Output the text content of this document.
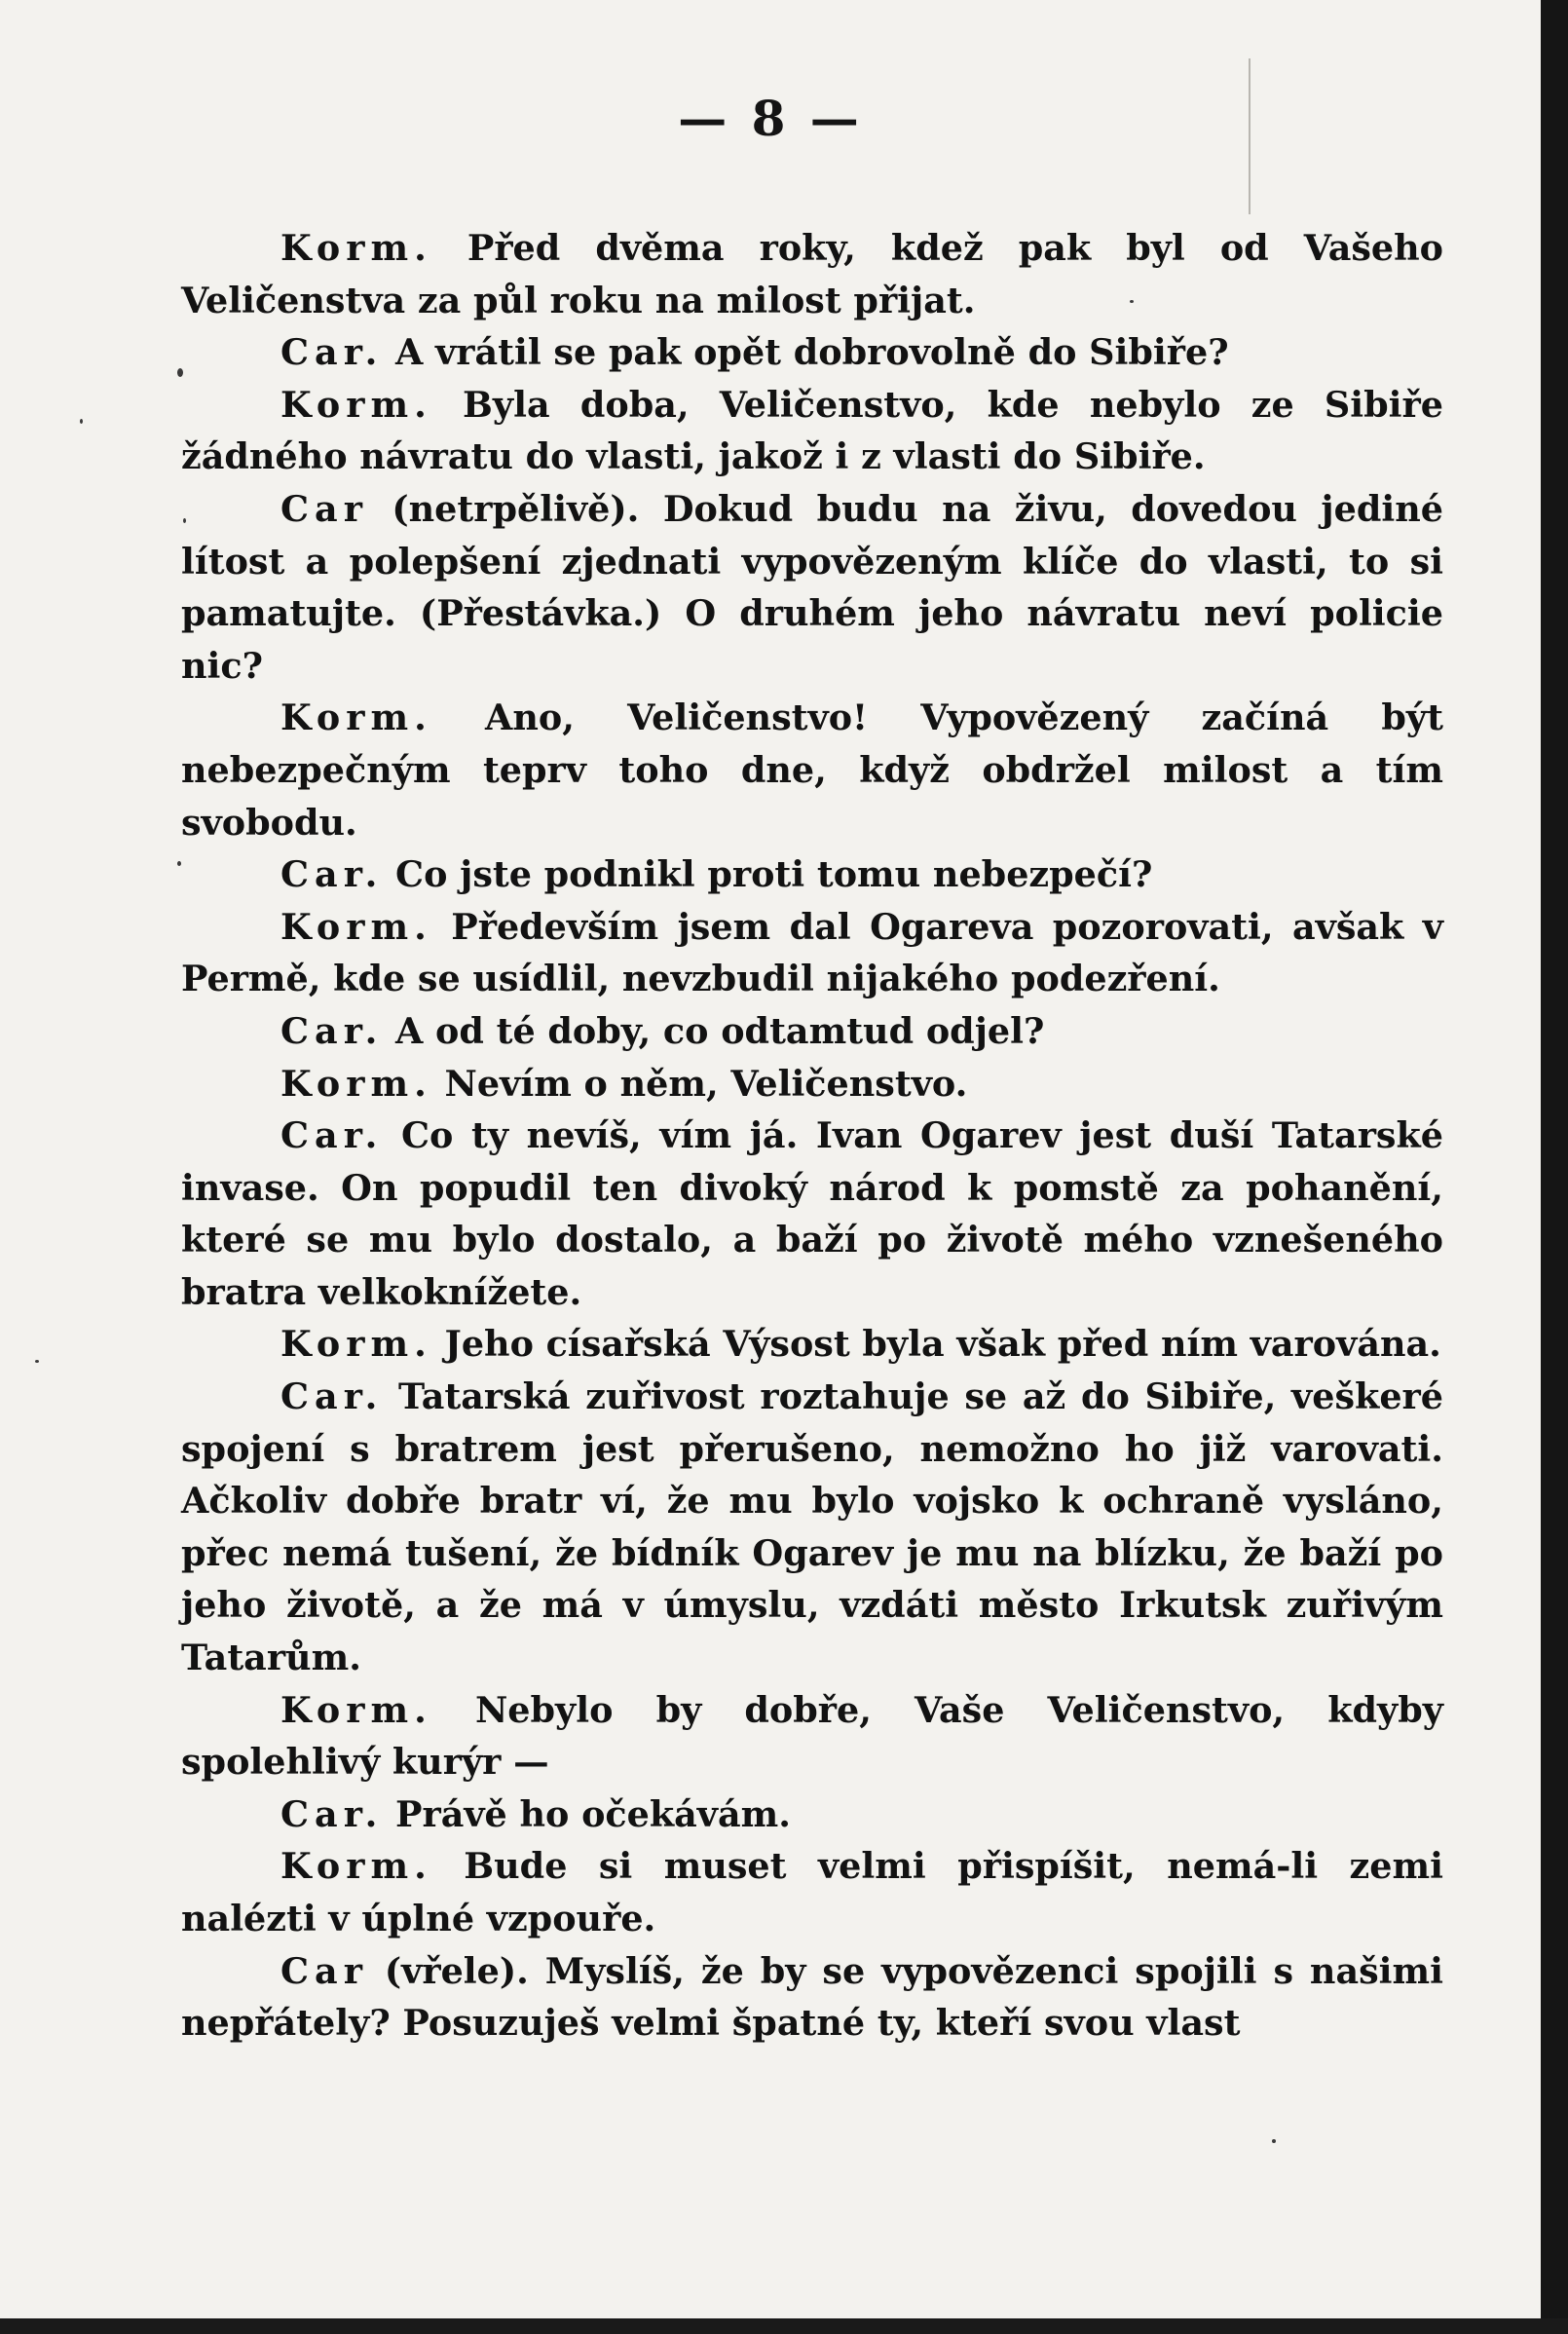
— 8 —

Korm. Před dvěma roky, kdež pak byl od Vašeho Veličenstva za půl roku na milost přijat.

Car. A vrátil se pak opět dobrovolně do Sibiře?

Korm. Byla doba, Veličenstvo, kde nebylo ze Sibiře žádného návratu do vlasti, jakož i z vlasti do Sibiře.

Car (netrpělivě). Dokud budu na živu, dovedou jediné lítost a polepšení zjednati vypovězeným klíče do vlasti, to si pamatujte. (Přestávka.) O druhém jeho návratu neví policie nic?

Korm. Ano, Veličenstvo! Vypovězený začíná být nebezpečným teprv toho dne, když obdržel milost a tím svobodu.

Car. Co jste podnikl proti tomu nebezpečí?

Korm. Především jsem dal Ogareva pozorovati, avšak v Permě, kde se usídlil, nevzbudil nijakého podezření.

Car. A od té doby, co odtamtud odjel?

Korm. Nevím o něm, Veličenstvo.

Car. Co ty nevíš, vím já. Ivan Ogarev jest duší Tatarské invase. On popudil ten divoký národ k pomstě za pohanění, které se mu bylo dostalo, a baží po životě mého vznešeného bratra velkoknížete.

Korm. Jeho císařská Výsost byla však před ním varována.

Car. Tatarská zuřivost roztahuje se až do Sibiře, veškeré spojení s bratrem jest přerušeno, nemožno ho již varovati. Ačkoliv dobře bratr ví, že mu bylo vojsko k ochraně vysláno, přec nemá tušení, že bídník Ogarev je mu na blízku, že baží po jeho životě, a že má v úmyslu, vzdáti město Irkutsk zuřivým Tatarům.

Korm. Nebylo by dobře, Vaše Veličenstvo, kdyby spolehlivý kurýr —

Car. Právě ho očekávám.

Korm. Bude si muset velmi přispíšit, nemá-li zemi nalézti v úplné vzpouře.

Car (vřele). Myslíš, že by se vypovězenci spojili s našimi nepřátely? Posuzuješ velmi špatné ty, kteří svou vlast
